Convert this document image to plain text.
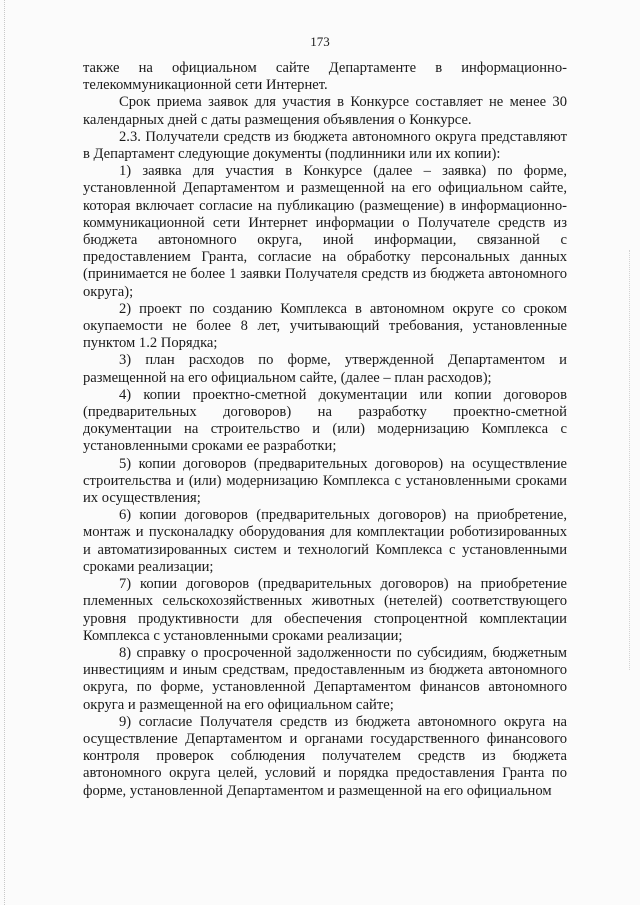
173

также на официальном сайте Департаменте в информационно-телекоммуникационной сети Интернет.

Срок приема заявок для участия в Конкурсе составляет не менее 30 календарных дней с даты размещения объявления о Конкурсе.

2.3. Получатели средств из бюджета автономного округа представляют в Департамент следующие документы (подлинники или их копии):

1) заявка для участия в Конкурсе (далее – заявка) по форме, установленной Департаментом и размещенной на его официальном сайте, которая включает согласие на публикацию (размещение) в информационно-коммуникационной сети Интернет информации о Получателе средств из бюджета автономного округа, иной информации, связанной с предоставлением Гранта, согласие на обработку персональных данных (принимается не более 1 заявки Получателя средств из бюджета автономного округа);

2) проект по созданию Комплекса в автономном округе со сроком окупаемости не более 8 лет, учитывающий требования, установленные пунктом 1.2 Порядка;

3) план расходов по форме, утвержденной Департаментом и размещенной на его официальном сайте, (далее – план расходов);

4) копии проектно-сметной документации или копии договоров (предварительных договоров) на разработку проектно-сметной документации на строительство и (или) модернизацию Комплекса с установленными сроками ее разработки;

5) копии договоров (предварительных договоров) на осуществление строительства и (или) модернизацию Комплекса с установленными сроками их осуществления;

6) копии договоров (предварительных договоров) на приобретение, монтаж и пусконаладку оборудования для комплектации роботизированных и автоматизированных систем и технологий Комплекса с установленными сроками реализации;

7) копии договоров (предварительных договоров) на приобретение племенных сельскохозяйственных животных (нетелей) соответствующего уровня продуктивности для обеспечения стопроцентной комплектации Комплекса с установленными сроками реализации;

8) справку о просроченной задолженности по субсидиям, бюджетным инвестициям и иным средствам, предоставленным из бюджета автономного округа, по форме, установленной Департаментом финансов автономного округа и размещенной на его официальном сайте;

9) согласие Получателя средств из бюджета автономного округа на осуществление Департаментом и органами государственного финансового контроля проверок соблюдения получателем средств из бюджета автономного округа целей, условий и порядка предоставления Гранта по форме, установленной Департаментом и размещенной на его официальном
